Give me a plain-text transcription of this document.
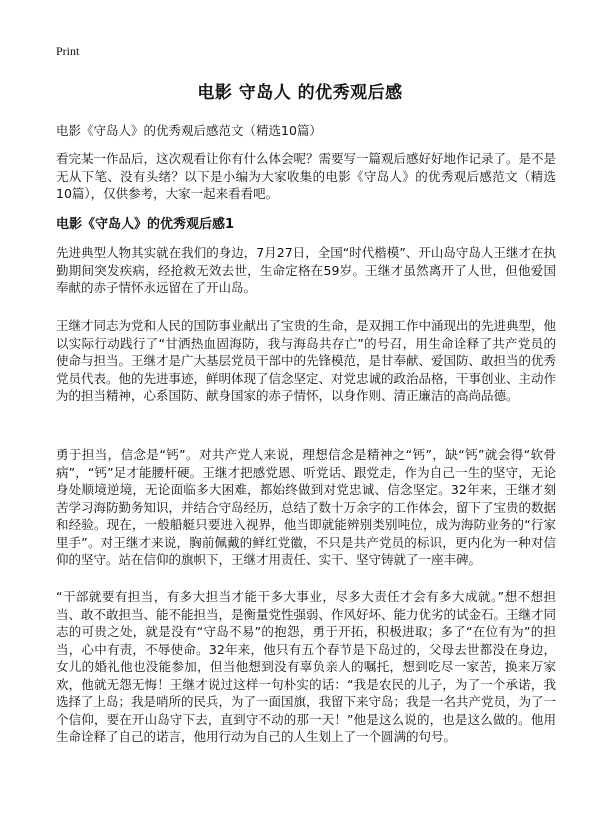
Print
电影 守岛人 的优秀观后感

电影《守岛人》的优秀观后感范文（精选10篇）

看完某一作品后，这次观看让你有什么体会呢？需要写一篇观后感好好地作记录了。是不是无从下笔、没有头绪？以下是小编为大家收集的电影《守岛人》的优秀观后感范文（精选10篇），仅供参考，大家一起来看看吧。

电影《守岛人》的优秀观后感1

先进典型人物其实就在我们的身边，7月27日，全国“时代楷模”、开山岛守岛人王继才在执勤期间突发疾病，经抢救无效去世，生命定格在59岁。王继才虽然离开了人世，但他爱国奉献的赤子情怀永远留在了开山岛。

王继才同志为党和人民的国防事业献出了宝贵的生命，是双拥工作中涌现出的先进典型，他以实际行动践行了“甘洒热血固海防，我与海岛共存亡”的号召，用生命诠释了共产党员的使命与担当。王继才是广大基层党员干部中的先锋模范，是甘奉献、爱国防、敢担当的优秀党员代表。他的先进事迹，鲜明体现了信念坚定、对党忠诚的政治品格，干事创业、主动作为的担当精神，心系国防、献身国家的赤子情怀，以身作则、清正廉洁的高尚品德。

勇于担当，信念是“钙”。对共产党人来说，理想信念是精神之“钙”，缺“钙”就会得“软骨病”，“钙”足才能腰杆硬。王继才把感党恩、听党话、跟党走，作为自己一生的坚守，无论身处顺境逆境，无论面临多大困难，都始终做到对党忠诚、信念坚定。32年来，王继才刻苦学习海防勤务知识，并结合守岛经历，总结了数十万余字的工作体会，留下了宝贵的数据和经验。现在，一般船艇只要进入视界，他当即就能辨别类别吨位，成为海防业务的“行家里手”。对王继才来说，胸前佩戴的鲜红党徽，不只是共产党员的标识，更内化为一种对信仰的坚守。站在信仰的旗帜下，王继才用责任、实干、坚守铸就了一座丰碑。

“干部就要有担当，有多大担当才能干多大事业，尽多大责任才会有多大成就。”想不想担当、敢不敢担当、能不能担当，是衡量党性强弱、作风好坏、能力优劣的试金石。王继才同志的可贵之处，就是没有“守岛不易”的抱怨，勇于开拓，积极进取；多了“在位有为”的担当，心中有责，不辱使命。32年来，他只有五个春节是下岛过的，父母去世都没在身边，女儿的婚礼他也没能参加，但当他想到没有辜负亲人的嘱托，想到吃尽一家苦，换来万家欢，他就无怨无悔！王继才说过这样一句朴实的话：“我是农民的儿子，为了一个承诺，我选择了上岛；我是哨所的民兵，为了一面国旗，我留下来守岛；我是一名共产党员，为了一个信仰，要在开山岛守下去，直到守不动的那一天！”他是这么说的，也是这么做的。他用生命诠释了自己的诺言，他用行动为自己的人生划上了一个圆满的句号。
